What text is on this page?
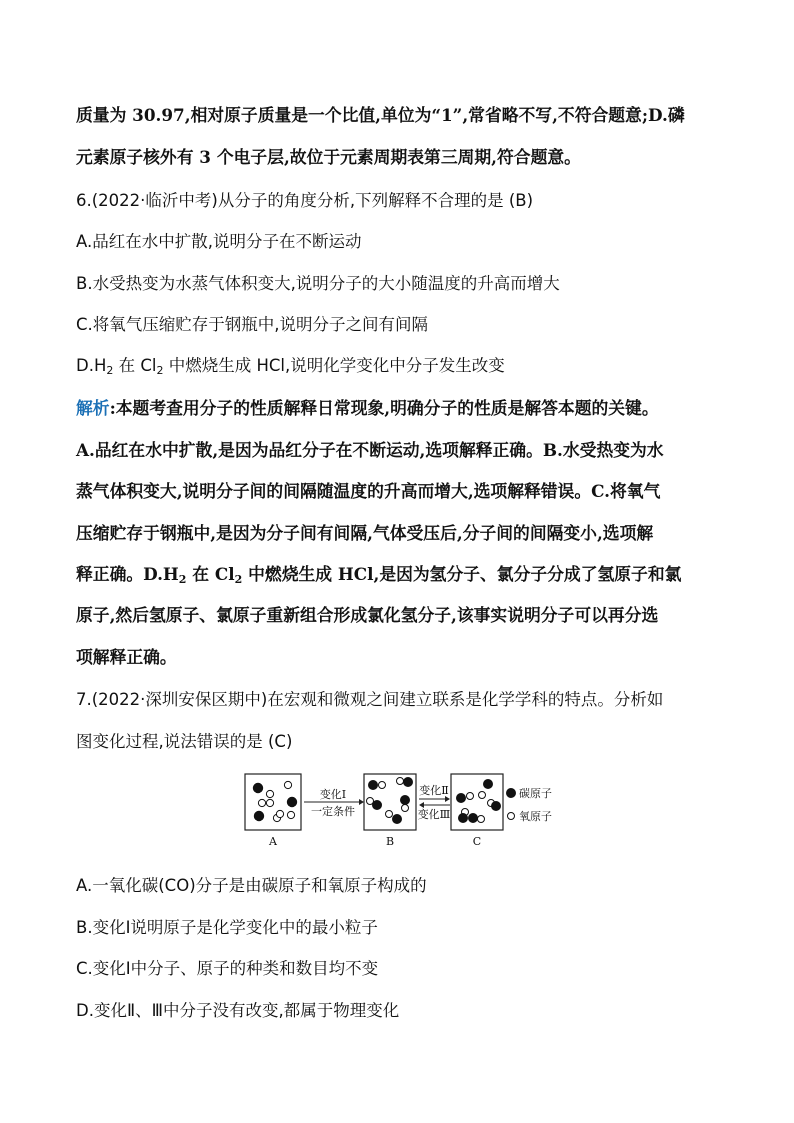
质量为 30.97,相对原子质量是一个比值,单位为“1”,常省略不写,不符合题意;D.磷
元素原子核外有 3 个电子层,故位于元素周期表第三周期,符合题意。
6.(2022·临沂中考)从分子的角度分析,下列解释不合理的是 (B)
A.品红在水中扩散,说明分子在不断运动
B.水受热变为水蒸气体积变大,说明分子的大小随温度的升高而增大
C.将氧气压缩贮存于钢瓶中,说明分子之间有间隔
$D.H_2$ 在 $Cl_2$ 中燃烧生成 HCl,说明化学变化中分子发生改变
解析:本题考查用分子的性质解释日常现象,明确分子的性质是解答本题的关键。
A.品红在水中扩散,是因为品红分子在不断运动,选项解释正确。B.水受热变为水
蒸气体积变大,说明分子间的间隔随温度的升高而增大,选项解释错误。C.将氧气
压缩贮存于钢瓶中,是因为分子间有间隔,气体受压后,分子间的间隔变小,选项解
释正确。$D.H_2$ 在 $Cl_2$ 中燃烧生成 HCl,是因为氢分子、氯分子分成了氢原子和氯
原子,然后氢原子、氯原子重新组合形成氯化氢分子,该事实说明分子可以再分选
项解释正确。
7.(2022·深圳安保区期中)在宏观和微观之间建立联系是化学学科的特点。分析如
图变化过程,说法错误的是 (C)
A
变化Ⅰ
一定条件
B
变化Ⅱ
变化Ⅲ
C
碳原子
氧原子
A.一氧化碳(CO)分子是由碳原子和氧原子构成的
B.变化Ⅰ说明原子是化学变化中的最小粒子
C.变化Ⅰ中分子、原子的种类和数目均不变
D.变化Ⅱ、Ⅲ中分子没有改变,都属于物理变化
